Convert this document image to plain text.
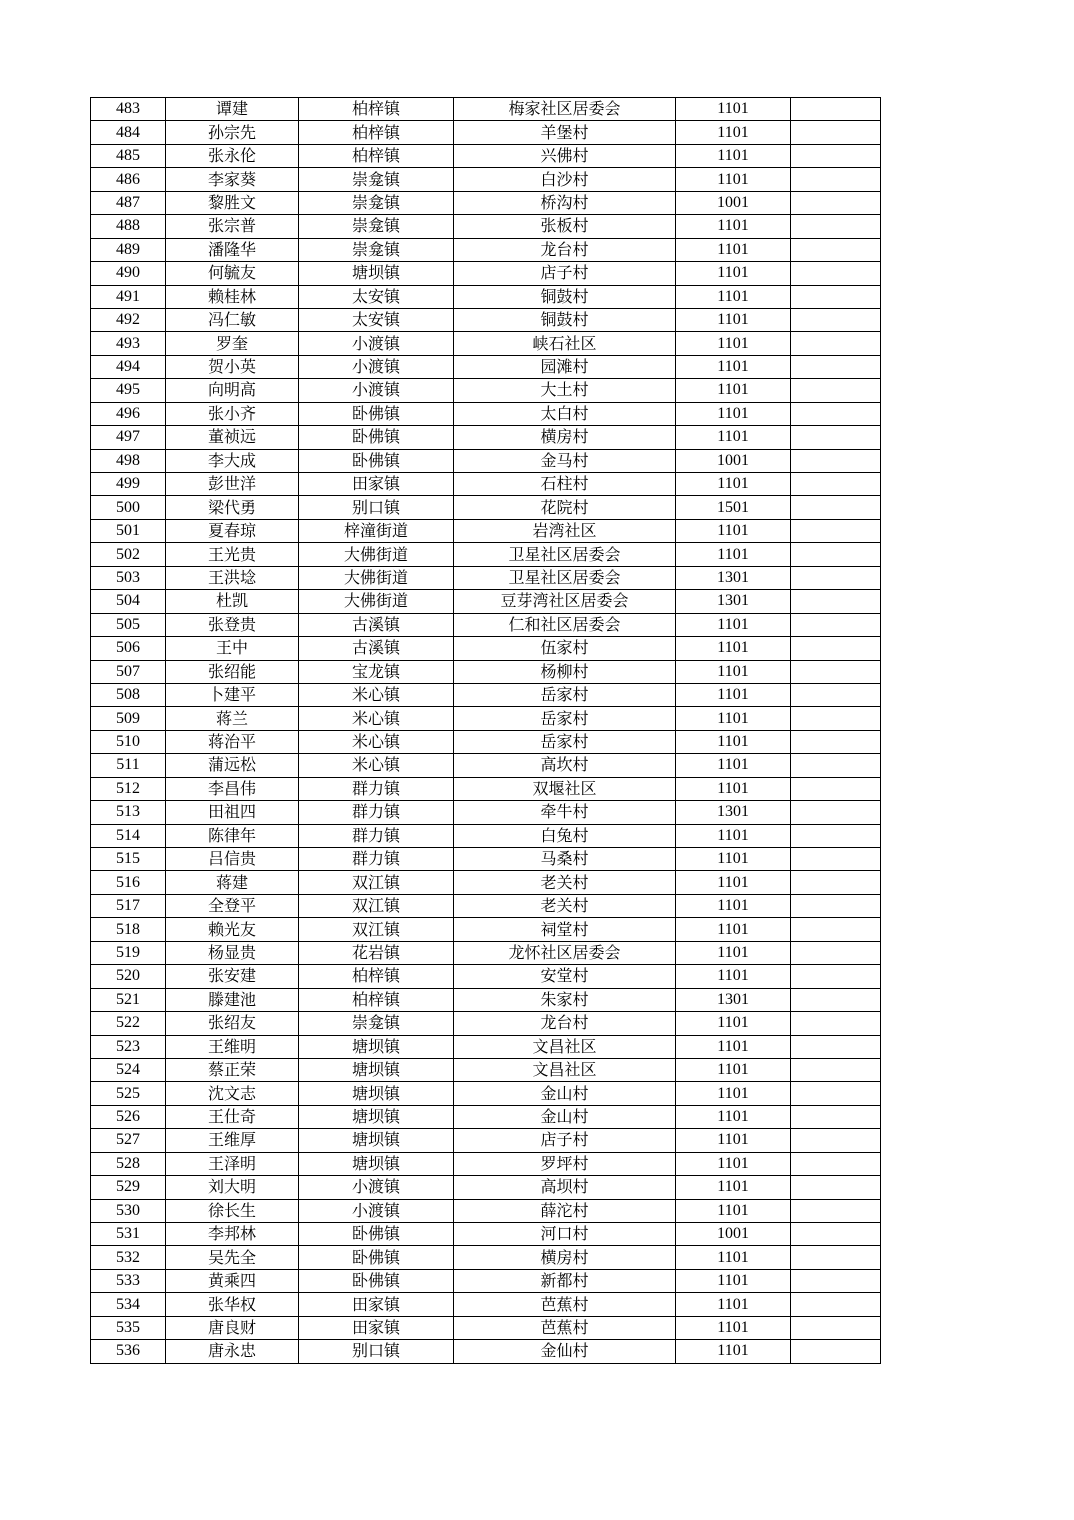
483	谭建	柏梓镇	梅家社区居委会	1101	
484	孙宗先	柏梓镇	羊堡村	1101	
485	张永伦	柏梓镇	兴佛村	1101	
486	李家葵	崇龛镇	白沙村	1101	
487	黎胜文	崇龛镇	桥沟村	1001	
488	张宗普	崇龛镇	张板村	1101	
489	潘隆华	崇龛镇	龙台村	1101	
490	何毓友	塘坝镇	店子村	1101	
491	赖桂林	太安镇	铜鼓村	1101	
492	冯仁敏	太安镇	铜鼓村	1101	
493	罗奎	小渡镇	峡石社区	1101	
494	贺小英	小渡镇	园滩村	1101	
495	向明高	小渡镇	大土村	1101	
496	张小齐	卧佛镇	太白村	1101	
497	董祯远	卧佛镇	横房村	1101	
498	李大成	卧佛镇	金马村	1001	
499	彭世洋	田家镇	石柱村	1101	
500	梁代勇	别口镇	花院村	1501	
501	夏春琼	梓潼街道	岩湾社区	1101	
502	王光贵	大佛街道	卫星社区居委会	1101	
503	王洪埝	大佛街道	卫星社区居委会	1301	
504	杜凯	大佛街道	豆芽湾社区居委会	1301	
505	张登贵	古溪镇	仁和社区居委会	1101	
506	王中	古溪镇	伍家村	1101	
507	张绍能	宝龙镇	杨柳村	1101	
508	卜建平	米心镇	岳家村	1101	
509	蒋兰	米心镇	岳家村	1101	
510	蒋治平	米心镇	岳家村	1101	
511	蒲远松	米心镇	高坎村	1101	
512	李昌伟	群力镇	双堰社区	1101	
513	田祖四	群力镇	牵牛村	1301	
514	陈律年	群力镇	白兔村	1101	
515	吕信贵	群力镇	马桑村	1101	
516	蒋建	双江镇	老关村	1101	
517	全登平	双江镇	老关村	1101	
518	赖光友	双江镇	祠堂村	1101	
519	杨显贵	花岩镇	龙怀社区居委会	1101	
520	张安建	柏梓镇	安堂村	1101	
521	滕建池	柏梓镇	朱家村	1301	
522	张绍友	崇龛镇	龙台村	1101	
523	王维明	塘坝镇	文昌社区	1101	
524	蔡正荣	塘坝镇	文昌社区	1101	
525	沈文志	塘坝镇	金山村	1101	
526	王仕奇	塘坝镇	金山村	1101	
527	王维厚	塘坝镇	店子村	1101	
528	王泽明	塘坝镇	罗坪村	1101	
529	刘大明	小渡镇	高坝村	1101	
530	徐长生	小渡镇	薛沱村	1101	
531	李邦林	卧佛镇	河口村	1001	
532	吴先全	卧佛镇	横房村	1101	
533	黄乘四	卧佛镇	新都村	1101	
534	张华权	田家镇	芭蕉村	1101	
535	唐良财	田家镇	芭蕉村	1101	
536	唐永忠	别口镇	金仙村	1101	
